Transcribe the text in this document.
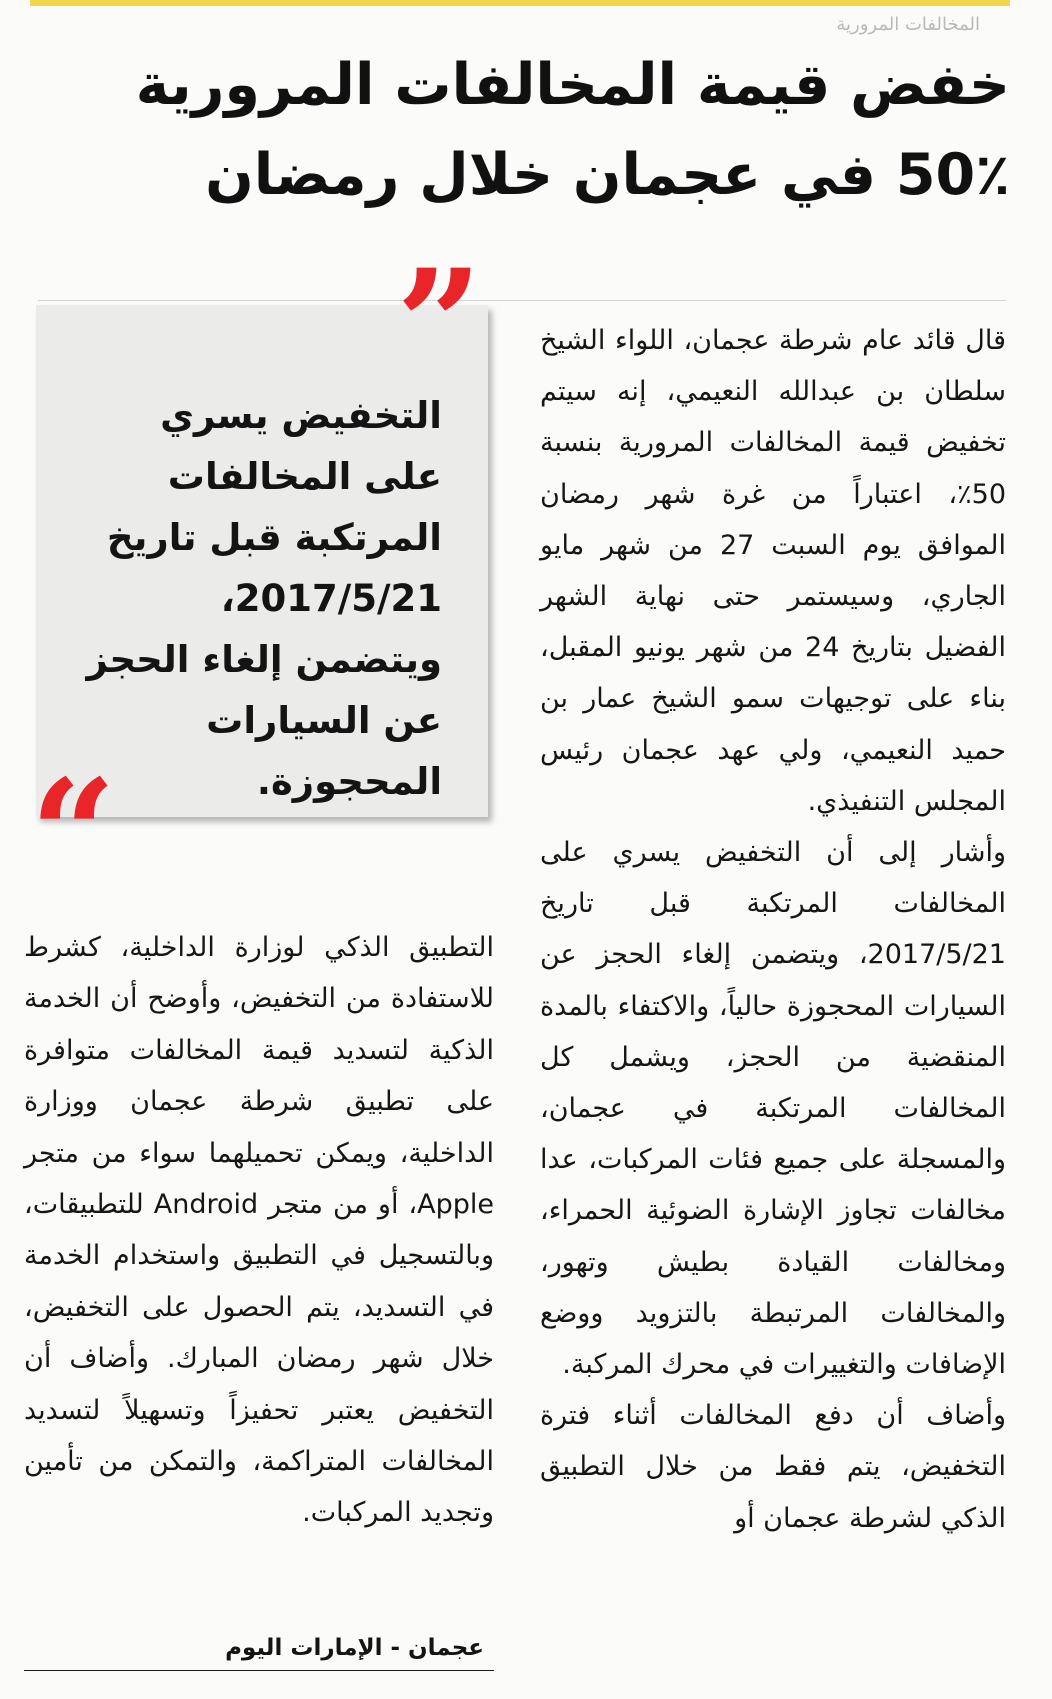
المخالفات المرورية
خفض قيمة المخالفات المرورية
50٪ في عجمان خلال رمضان

قال قائد عام شرطة عجمان، اللواء الشيخ سلطان بن عبدالله النعيمي، إنه سيتم تخفيض قيمة المخالفات المرورية بنسبة 50٪، اعتباراً من غرة شهر رمضان الموافق يوم السبت 27 من شهر مايو الجاري، وسيستمر حتى نهاية الشهر الفضيل بتاريخ 24 من شهر يونيو المقبل، بناء على توجيهات سمو الشيخ عمار بن حميد النعيمي، ولي عهد عجمان رئيس المجلس التنفيذي.

وأشار إلى أن التخفيض يسري على المخالفات المرتكبة قبل تاريخ 2017/5/21، ويتضمن إلغاء الحجز عن السيارات المحجوزة حالياً، والاكتفاء بالمدة المنقضية من الحجز، ويشمل كل المخالفات المرتكبة في عجمان، والمسجلة على جميع فئات المركبات، عدا مخالفات تجاوز الإشارة الضوئية الحمراء، ومخالفات القيادة بطيش وتهور، والمخالفات المرتبطة بالتزويد ووضع الإضافات والتغييرات في محرك المركبة.

وأضاف أن دفع المخالفات أثناء فترة التخفيض، يتم فقط من خلال التطبيق الذكي لشرطة عجمان أو

”
التخفيض يسري على المخالفات المرتكبة قبل تاريخ 2017/5/21، ويتضمن إلغاء الحجز عن السيارات المحجوزة.
“

التطبيق الذكي لوزارة الداخلية، كشرط للاستفادة من التخفيض، وأوضح أن الخدمة الذكية لتسديد قيمة المخالفات متوافرة على تطبيق شرطة عجمان ووزارة الداخلية، ويمكن تحميلهما سواء من متجر Apple، أو من متجر Android للتطبيقات، وبالتسجيل في التطبيق واستخدام الخدمة في التسديد، يتم الحصول على التخفيض، خلال شهر رمضان المبارك. وأضاف أن التخفيض يعتبر تحفيزاً وتسهيلاً لتسديد المخالفات المتراكمة، والتمكن من تأمين وتجديد المركبات.

عجمان - الإمارات اليوم
